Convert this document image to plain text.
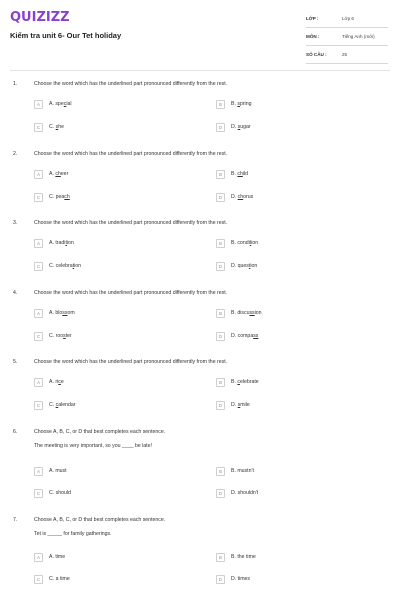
QUIZIZZ
Kiểm tra unit 6- Our Tet holiday
LỚP :	Lớp 6
MÔN :	Tiếng Anh (mới)
SỐ CÂU :	25
1.	Choose the word which has the underlined part pronounced differently from the rest.
A	A. special	B	B. spring
C	C. she	D	D. sugar
2.	Choose the word which has the underlined part pronounced differently from the rest.
A	A. cheer	B	B. child
C	C. peach	D	D. chorus
3.	Choose the word which has the underlined part pronounced differently from the rest.
A	A. tradition	B	B. condition
C	C. celebration	D	D. question
4.	Choose the word which has the underlined part pronounced differently from the rest.
A	A. blossom	B	B. discussion
C	C. rooster	D	D. compass
5.	Choose the word which has the underlined part pronounced differently from the rest.
A	A. rice	B	B. celebrate
C	C. calendar	D	D. smile
6.	Choose A, B, C, or D that best completes each sentence.
The meeting is very important, so you ____ be late!
A	A. must	B	B. mustn't
C	C. should	D	D. shouldn't
7.	Choose A, B, C, or D that best completes each sentence.
Tet is _____ for family gatherings.
A	A. time	B	B. the time
C	C. a time	D	D. times
